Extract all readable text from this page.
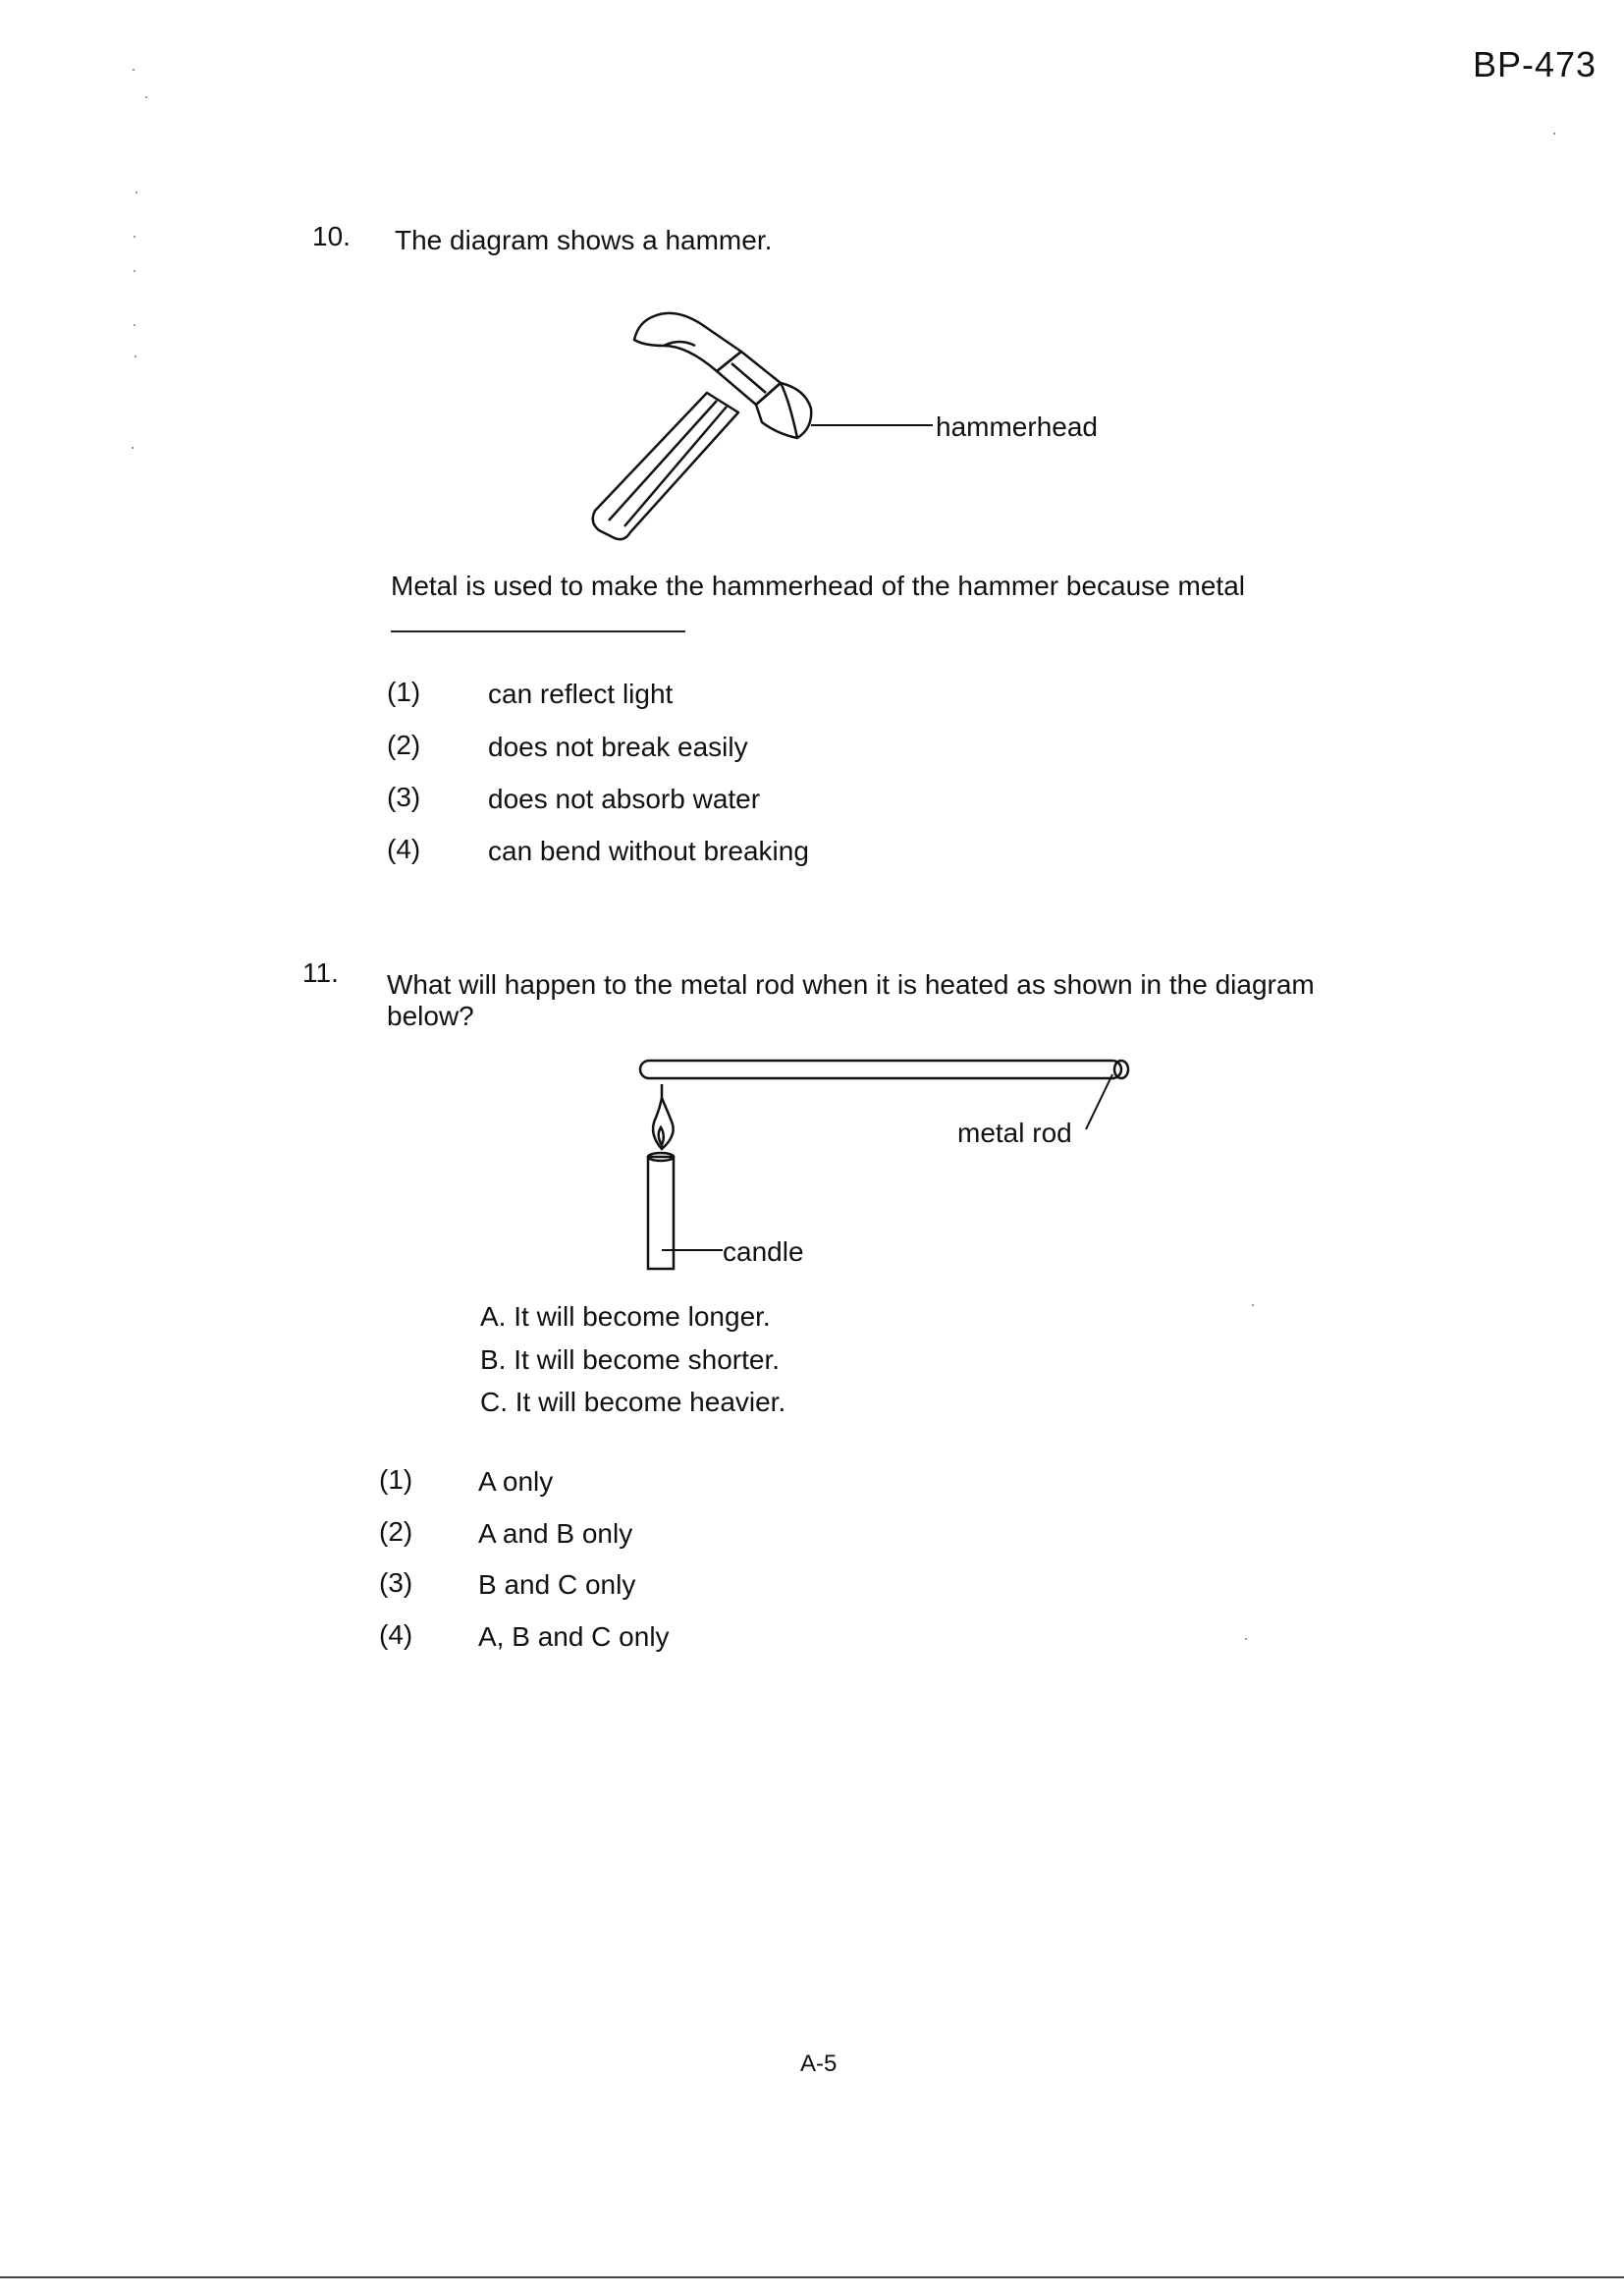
BP-473
10. The diagram shows a hammer.
hammerhead
Metal is used to make the hammerhead of the hammer because metal
(1) can reflect light
(2) does not break easily
(3) does not absorb water
(4) can bend without breaking
11. What will happen to the metal rod when it is heated as shown in the diagram
below?
metal rod
candle
A. It will become longer.
B. It will become shorter.
C. It will become heavier.
(1) A only
(2) A and B only
(3) B and C only
(4) A, B and C only
A-5
